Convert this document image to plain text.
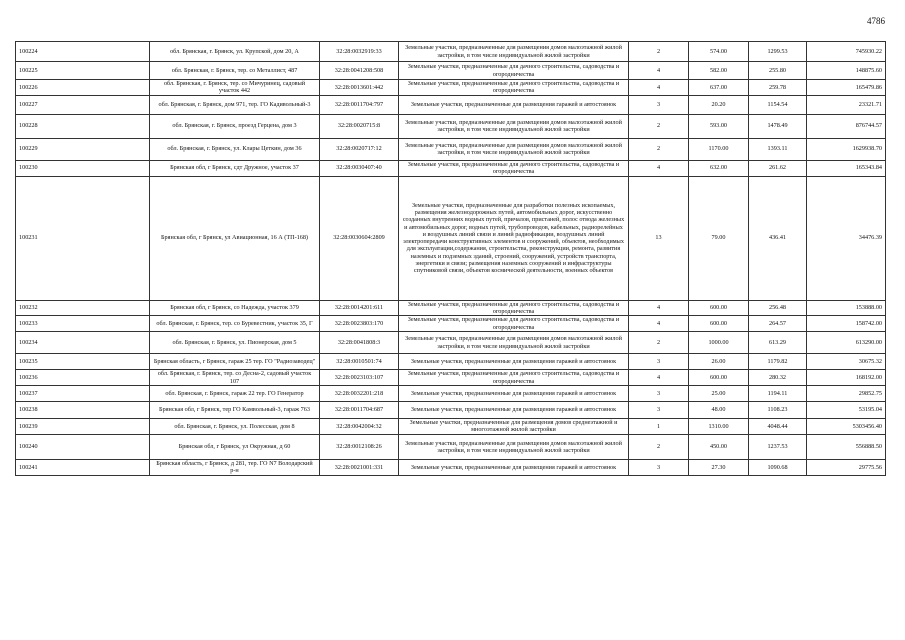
4786
100224	обл. Брянская, г. Брянск, ул. Крупской, дом 20, А	32:28:0032919:33	Земельные участки, предназначенные для размещения домов малоэтажной жилой застройки, в том числе индивидуальной жилой застройки	2	574.00	1299.53	745930.22
100225	обл. Брянская, г. Брянск, тер. со Металлист, 487	32:28:0041208:508	Земельные участки, предназначенные для дачного строительства, садоводства и огородничества	4	582.00	255.80	148875.60
100226	обл. Брянская, г. Брянск, тер. со Мичуринец, садовый участок 442	32:28:0013601:442	Земельные участки, предназначенные для дачного строительства, садоводства и огородничества	4	637.00	259.78	165479.86
100227	обл. Брянская, г. Брянск, дом 971, тер. ГО Кадивольный-3	32:28:0011704:797	Земельные участки, предназначенные для размещения гаражей и автостоянок	3	20.20	1154.54	23321.71
100228	обл. Брянская, г. Брянск, проезд Герцена, дом 3	32:28:0020715:8	Земельные участки, предназначенные для размещения домов малоэтажной жилой застройки, в том числе индивидуальной жилой застройки	2	593.00	1478.49	876744.57
100229	обл. Брянская, г. Брянск, ул. Клары Цеткин, дом 36	32:28:0020717:12	Земельные участки, предназначенные для размещения домов малоэтажной жилой застройки, в том числе индивидуальной жилой застройки	2	1170.00	1393.11	1629938.70
100230	Брянская обл, г Брянск, сдт Дружное, участок 37	32:28:0030407:40	Земельные участки, предназначенные для дачного строительства, садоводства и огородничества	4	632.00	261.62	165343.84
100231	Брянская обл, г Брянск, ул Авиационная, 16 А (ТП-168)	32:28:0030604:2809	Земельные участки, предназначенные для разработки полезных ископаемых, размещения железнодорожных путей, автомобильных дорог, искусственно созданных внутренних водных путей, причалов, пристаней, полос отвода железных и автомобильных дорог, водных путей, трубопроводов, кабельных, радиорелейных и воздушных линий связи и линий радиофикации, воздушных линий электропередачи конструктивных элементов и сооружений, объектов, необходимых для эксплуатации,содержания, строительства, реконструкции, ремонта, развития наземных и подземных зданий, строений, сооружений, устройств транспорта, энергетики и связи; размещения наземных сооружений и инфраструктуры спутниковой связи, объектов космической деятельности, военных объектов	13	79.00	436.41	34476.39
100232	Брянская обл, г Брянск, со Надежда, участок 379	32:28:0014201:611	Земельные участки, предназначенные для дачного строительства, садоводства и огородничества	4	600.00	256.48	153888.00
100233	обл. Брянская, г. Брянск, тер. со Буревестник, участок 35, Г	32:28:0023803:170	Земельные участки, предназначенные для дачного строительства, садоводства и огородничества	4	600.00	264.57	158742.00
100234	обл. Брянская, г. Брянск, ул. Пионерская, дом 5	32:28:0041808:3	Земельные участки, предназначенные для размещения домов малоэтажной жилой застройки, в том числе индивидуальной жилой застройки	2	1000.00	613.29	613290.00
100235	Брянская область, г Брянск, гараж 25 тер. ГО "Радиозаводец"	32:28:0010501:74	Земельные участки, предназначенные для размещения гаражей и автостоянок	3	26.00	1179.82	30675.32
100236	обл. Брянская, г. Брянск, тер. со Десна-2, садовый участок 107	32:28:0023103:107	Земельные участки, предназначенные для дачного строительства, садоводства и огородничества	4	600.00	280.32	168192.00
100237	обл. Брянская, г. Брянск, гараж 22 тер. ГО Генератор	32:28:0032201:218	Земельные участки, предназначенные для размещения гаражей и автостоянок	3	25.00	1194.11	29852.75
100238	Брянская обл, г Брянск, тер ГО Камвольный-3, гараж 763	32:28:0011704:687	Земельные участки, предназначенные для размещения гаражей и автостоянок	3	48.00	1108.23	53195.04
100239	обл. Брянская, г. Брянск, ул. Полесская, дом 8	32:28:0042004:32	Земельные участки, предназначенные для размещения домов среднеэтажной и многоэтажной жилой застройки	1	1310.00	4048.44	5303456.40
100240	Брянская обл, г Брянск, ул Окружная, д 60	32:28:0012108:26	Земельные участки, предназначенные для размещения домов малоэтажной жилой застройки, в том числе индивидуальной жилой застройки	2	450.00	1237.53	556888.50
100241	Брянская область, г Брянск, д 281, тер. ГО N7 Володарский р-н	32:28:0021001:331	Земельные участки, предназначенные для размещения гаражей и автостоянок	3	27.30	1090.68	29775.56
